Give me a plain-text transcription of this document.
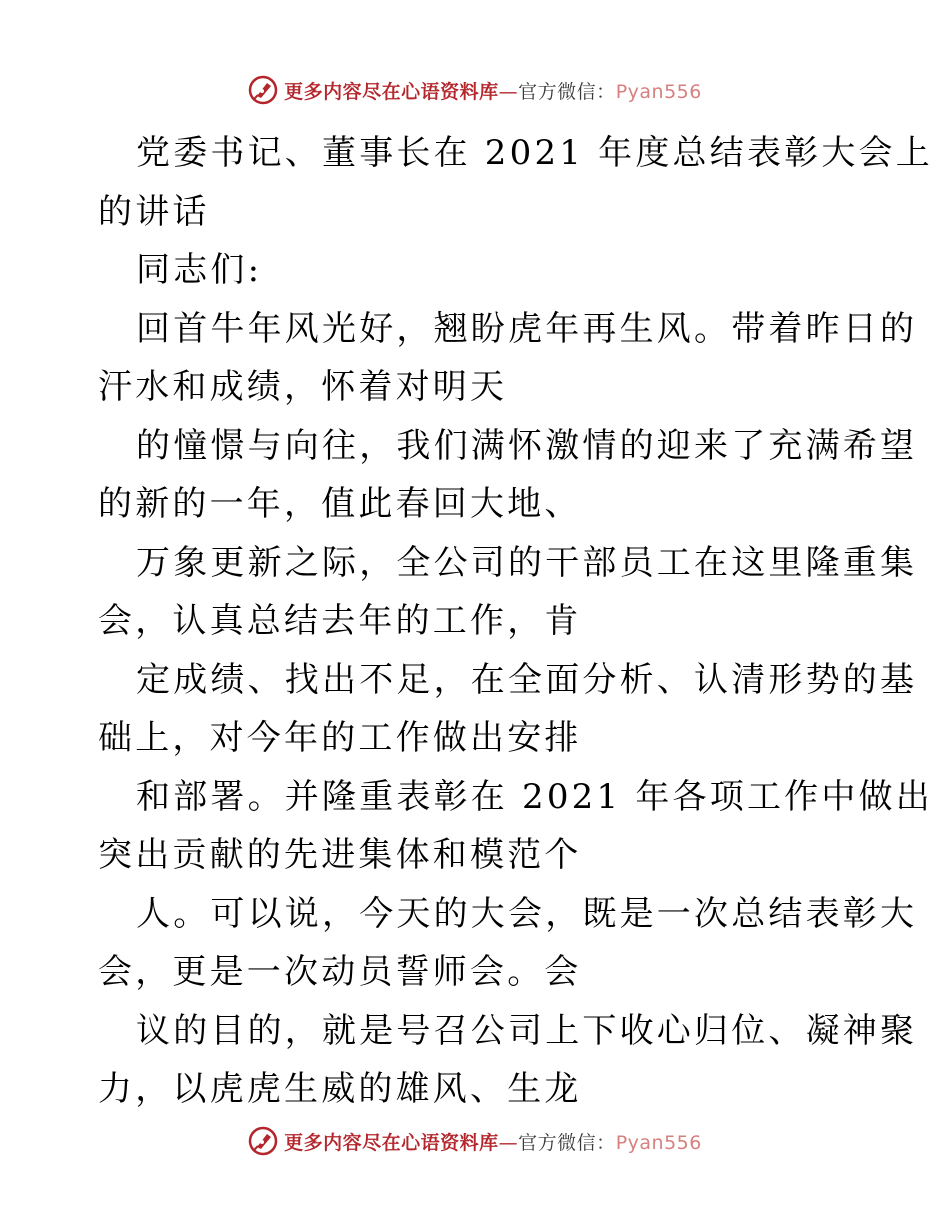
更多内容尽在心语资料库—官方微信：Pyan556
党委书记、董事长在 2021 年度总结表彰大会上
的讲话
同志们:
回首牛年风光好，翘盼虎年再生风。带着昨日的
汗水和成绩，怀着对明天
的憧憬与向往，我们满怀激情的迎来了充满希望
的新的一年，值此春回大地、
万象更新之际，全公司的干部员工在这里隆重集
会，认真总结去年的工作，肯
定成绩、找出不足，在全面分析、认清形势的基
础上，对今年的工作做出安排
和部署。并隆重表彰在 2021 年各项工作中做出
突出贡献的先进集体和模范个
人。可以说，今天的大会，既是一次总结表彰大
会，更是一次动员誓师会。会
议的目的，就是号召公司上下收心归位、凝神聚
力，以虎虎生威的雄风、生龙
更多内容尽在心语资料库—官方微信：Pyan556
